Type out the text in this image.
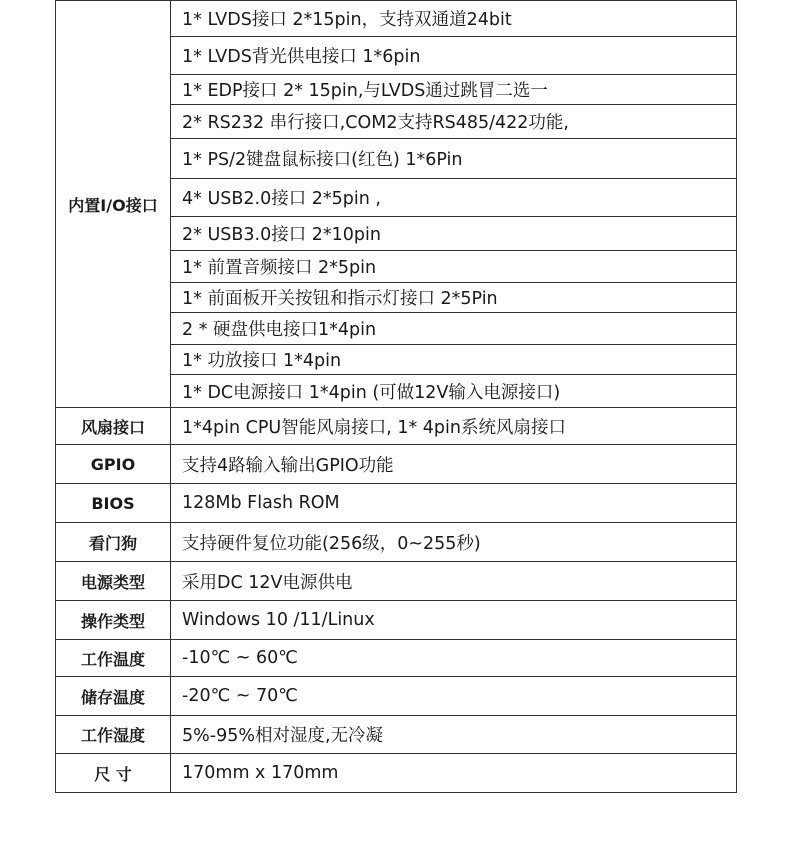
内置I/O接口	1* LVDS接口 2*15pin，支持双通道24bit
	1* LVDS背光供电接口 1*6pin
	1* EDP接口 2* 15pin,与LVDS通过跳冒二选一
	2* RS232 串行接口,COM2支持RS485/422功能,
	1* PS/2键盘鼠标接口(红色) 1*6Pin
	4* USB2.0接口 2*5pin ,
	2* USB3.0接口 2*10pin
	1* 前置音频接口 2*5pin
	1* 前面板开关按钮和指示灯接口 2*5Pin
	2 * 硬盘供电接口1*4pin
	1* 功放接口 1*4pin
	1* DC电源接口 1*4pin (可做12V输入电源接口)
风扇接口	1*4pin CPU智能风扇接口, 1* 4pin系统风扇接口
GPIO	支持4路输入输出GPIO功能
BIOS	128Mb Flash ROM
看门狗	支持硬件复位功能(256级，0~255秒)
电源类型	采用DC 12V电源供电
操作类型	Windows 10 /11/Linux
工作温度	-10℃ ~ 60℃
储存温度	-20℃ ~ 70℃
工作湿度	5%-95%相对湿度,无冷凝
尺 寸	170mm x 170mm
